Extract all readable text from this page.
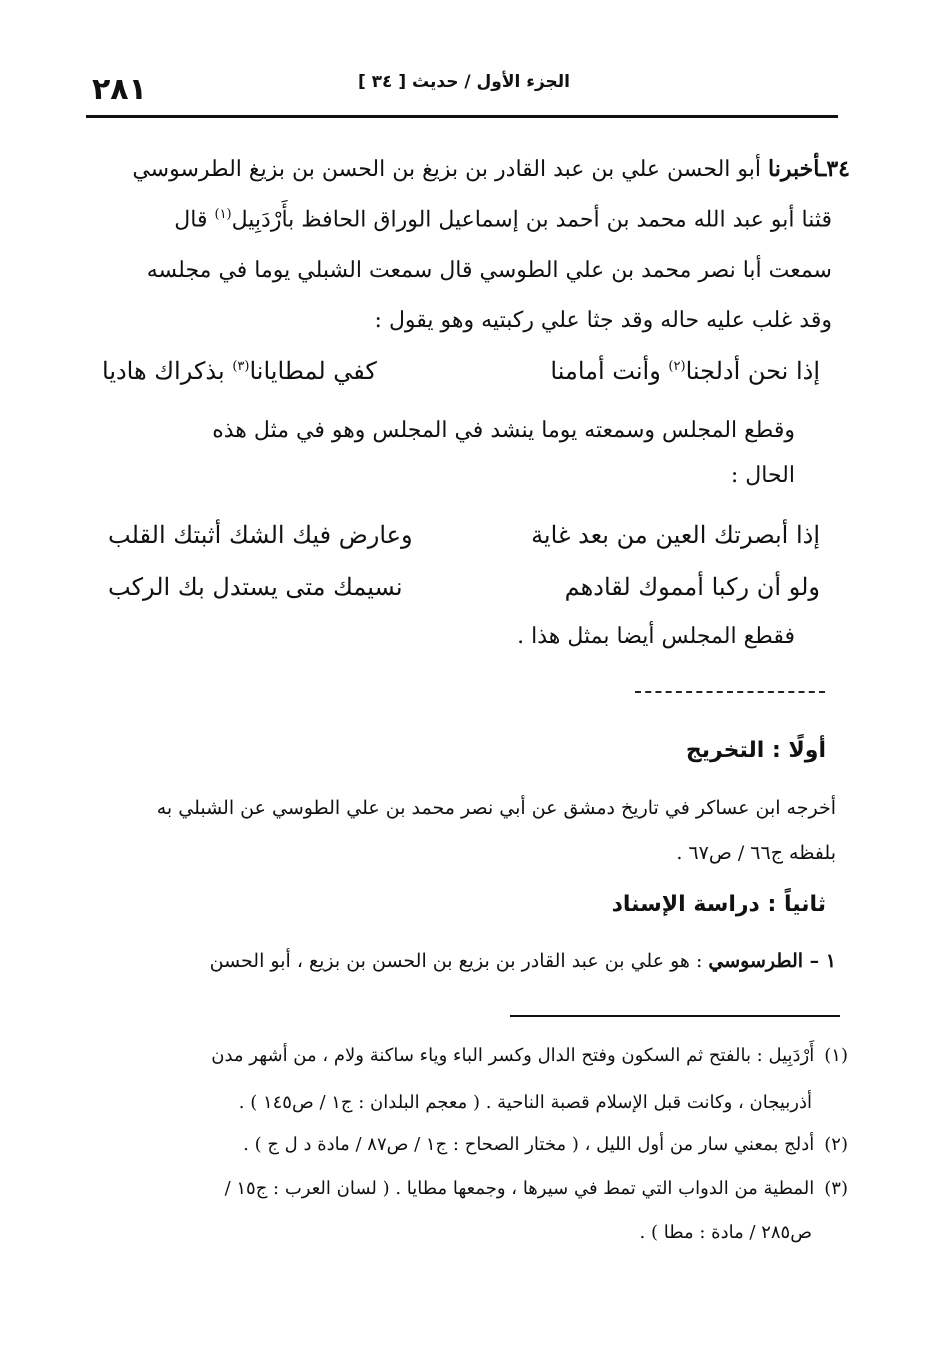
الجزء الأول / حديث [ ٣٤ ]
٢٨١
٣٤ـأخبرنا أبو الحسن علي بن عبد القادر بن بزيغ بن الحسن بن بزيغ الطرسوسي
قثنا أبو عبد الله محمد بن أحمد بن إسماعيل الوراق الحافظ بأَرْدَبِيل$^{(١)}$ قال
سمعت أبا نصر محمد بن علي الطوسي قال سمعت الشبلي يوما في مجلسه
وقد غلب عليه حاله وقد جثا علي ركبتيه وهو يقول :
إذا نحن أدلجنا$^{(٢)}$ وأنت أمامنا
كفي لمطايانا$^{(٣)}$ بذكراك هاديا
وقطع المجلس وسمعته يوما ينشد في المجلس وهو في مثل هذه
الحال :
إذا أبصرتك العين من بعد غاية
وعارض فيك الشك أثبتك القلب
ولو أن ركبا أمموك لقادهم
نسيمك متى يستدل بك الركب
فقطع المجلس أيضا بمثل هذا .
أولًا : التخريج
أخرجه ابن عساكر في تاريخ دمشق عن أبي نصر محمد بن علي الطوسي عن الشبلي به
بلفظه ج٦٦ / ص٦٧ .
ثانياً : دراسة الإسناد
١ – الطرسوسي : هو علي بن عبد القادر بن بزيع بن الحسن بن بزيع ، أبو الحسن
(١)أَرْدَبِيل : بالفتح ثم السكون وفتح الدال وكسر الباء وياء ساكنة ولام ، من أشهر مدن
أذربيجان ، وكانت قبل الإسلام قصبة الناحية . ( معجم البلدان : ج١ / ص١٤٥ ) .
(٢)أدلج بمعني سار من أول الليل ، ( مختار الصحاح : ج١ / ص٨٧ / مادة د ل ج ) .
(٣)المطية من الدواب التي تمط في سيرها ، وجمعها مطايا . ( لسان العرب : ج١٥ /
ص٢٨٥ / مادة : مطا ) .
